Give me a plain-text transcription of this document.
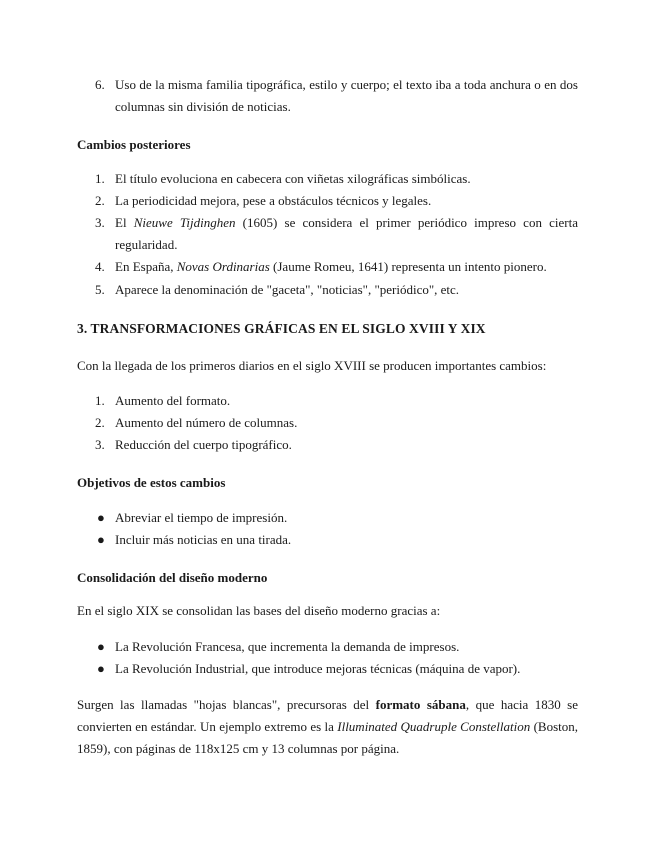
6. Uso de la misma familia tipográfica, estilo y cuerpo; el texto iba a toda anchura o en dos columnas sin división de noticias.
Cambios posteriores
1. El título evoluciona en cabecera con viñetas xilográficas simbólicas.
2. La periodicidad mejora, pese a obstáculos técnicos y legales.
3. El Nieuwe Tijdinghen (1605) se considera el primer periódico impreso con cierta regularidad.
4. En España, Novas Ordinarias (Jaume Romeu, 1641) representa un intento pionero.
5. Aparece la denominación de "gaceta", "noticias", "periódico", etc.
3. TRANSFORMACIONES GRÁFICAS EN EL SIGLO XVIII Y XIX
Con la llegada de los primeros diarios en el siglo XVIII se producen importantes cambios:
1. Aumento del formato.
2. Aumento del número de columnas.
3. Reducción del cuerpo tipográfico.
Objetivos de estos cambios
● Abreviar el tiempo de impresión.
● Incluir más noticias en una tirada.
Consolidación del diseño moderno
En el siglo XIX se consolidan las bases del diseño moderno gracias a:
● La Revolución Francesa, que incrementa la demanda de impresos.
● La Revolución Industrial, que introduce mejoras técnicas (máquina de vapor).
Surgen las llamadas "hojas blancas", precursoras del formato sábana, que hacia 1830 se convierten en estándar. Un ejemplo extremo es la Illuminated Quadruple Constellation (Boston, 1859), con páginas de 118x125 cm y 13 columnas por página.
